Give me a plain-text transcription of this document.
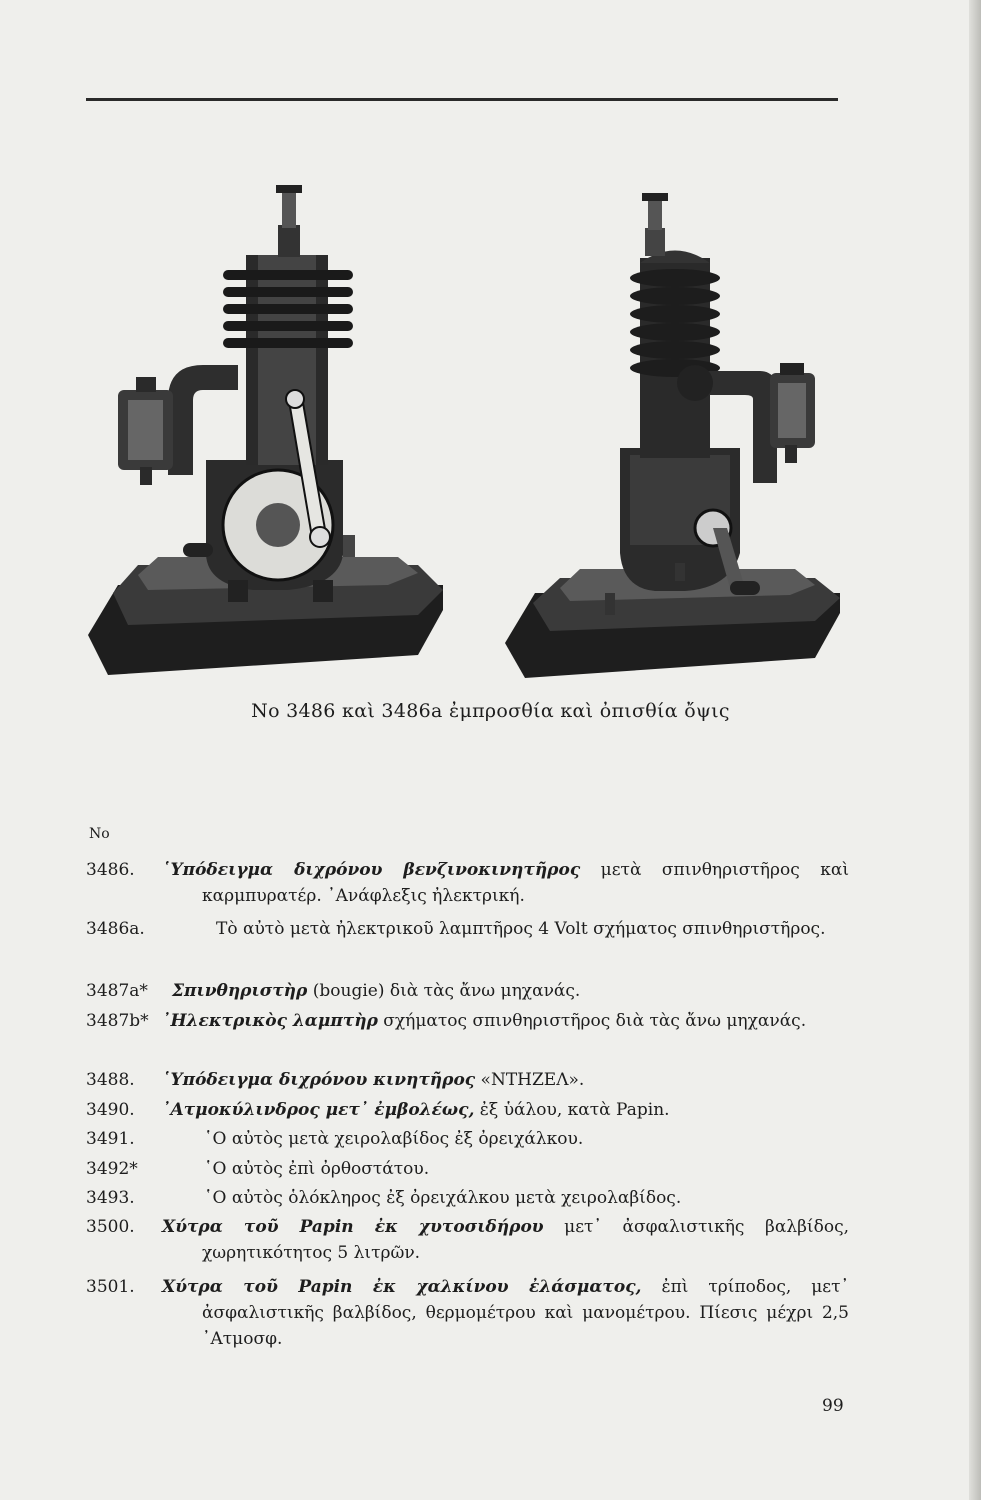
No 3486 καὶ 3486a ἐμπροσθία καὶ ὀπισθία ὄψις
No
3486. ῾Υπόδειγμα διχρόνου βενζινοκινητῆρος μετὰ σπινθηριστῆρος καὶ καρμπυρατέρ. ᾿Ανάφλεξις ἠλεκτρική.
3486a.	Τὸ αὐτὸ μετὰ ἠλεκτρικοῦ λαμπτῆρος 4 Volt σχήματος σπινθηριστῆρος.
3487a* Σπινθηριστὴρ (bougie) διὰ τὰς ἄνω μηχανάς.
3487b* ᾿Ηλεκτρικὸς λαμπτὴρ σχήματος σπινθηριστῆρος διὰ τὰς ἄνω μηχανάς.
3488. ῾Υπόδειγμα διχρόνου κινητῆρος «ΝΤΗΖΕΛ».
3490. ᾿Ατμοκύλινδρος μετ᾿ ἐμβολέως, ἐξ ὑάλου, κατὰ Papin.
3491.	῾Ο αὐτὸς μετὰ χειρολαβίδος ἐξ ὀρειχάλκου.
3492*	῾Ο αὐτὸς ἐπὶ ὀρθοστάτου.
3493.	῾Ο αὐτὸς ὁλόκληρος ἐξ ὀρειχάλκου μετὰ χειρολαβίδος.
3500. Χύτρα τοῦ Papin ἐκ χυτοσιδήρου μετ᾿ ἀσφαλιστικῆς βαλβίδος, χωρητικότητος 5 λιτρῶν.
3501. Χύτρα τοῦ Papin ἐκ χαλκίνου ἐλάσματος, ἐπὶ τρίποδος, μετ᾿ ἀσφαλιστικῆς βαλβίδος, θερμομέτρου καὶ μανομέτρου. Πίεσις μέχρι 2,5 ᾿Ατμοσφ.
99
